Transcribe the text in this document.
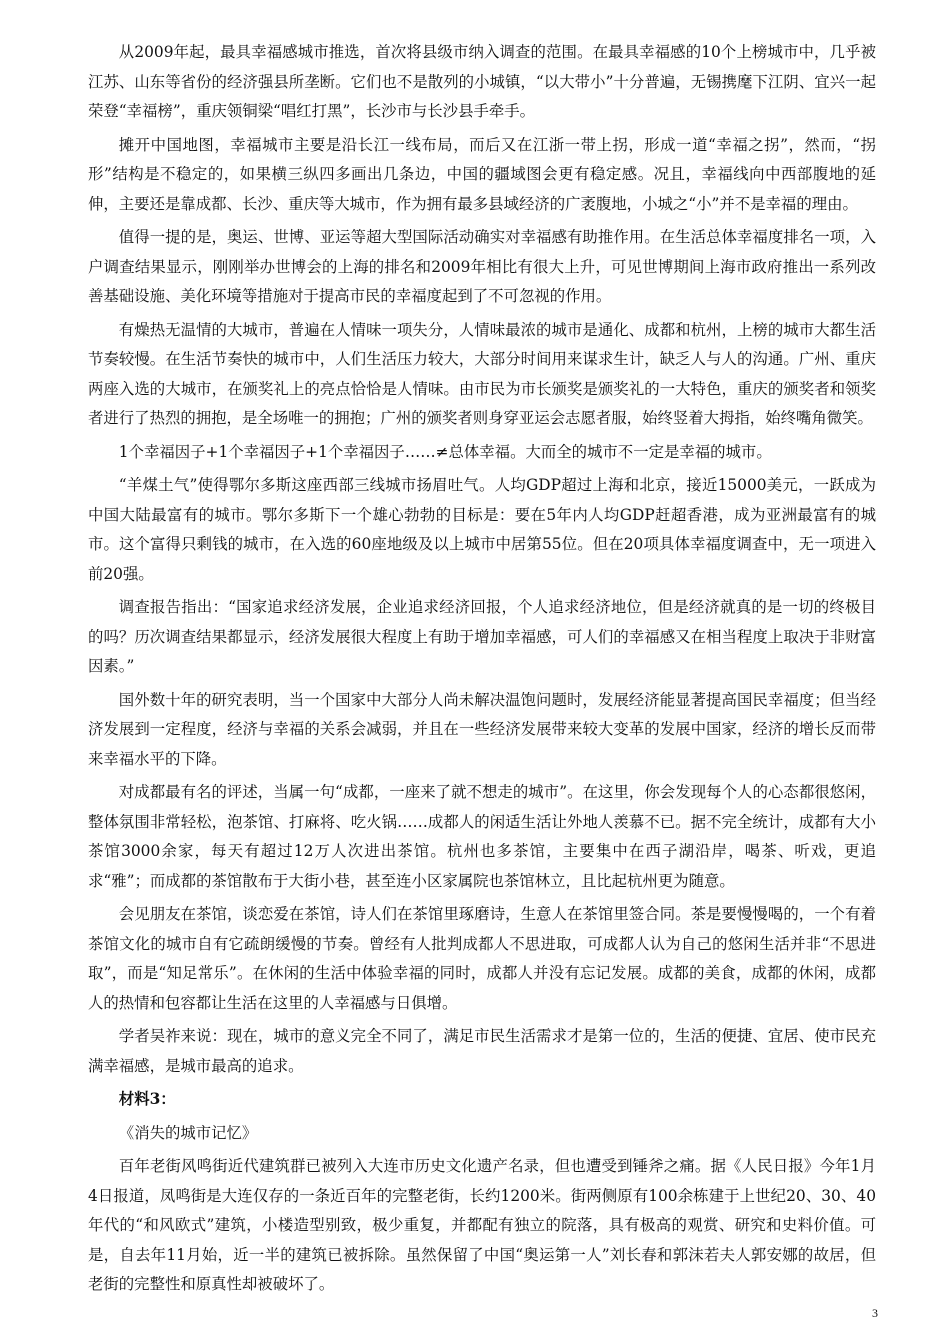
从2009年起，最具幸福感城市推选，首次将县级市纳入调查的范围。在最具幸福感的10个上榜城市中，几乎被江苏、山东等省份的经济强县所垄断。它们也不是散列的小城镇，“以大带小”十分普遍，无锡携麾下江阴、宜兴一起荣登“幸福榜”，重庆领铜梁“唱红打黑”，长沙市与长沙县手牵手。

摊开中国地图，幸福城市主要是沿长江一线布局，而后又在江浙一带上拐，形成一道“幸福之拐”，然而，“拐形”结构是不稳定的，如果横三纵四多画出几条边，中国的疆域图会更有稳定感。况且，幸福线向中西部腹地的延伸，主要还是靠成都、长沙、重庆等大城市，作为拥有最多县域经济的广袤腹地，小城之“小”并不是幸福的理由。

值得一提的是，奥运、世博、亚运等超大型国际活动确实对幸福感有助推作用。在生活总体幸福度排名一项，入户调查结果显示，刚刚举办世博会的上海的排名和2009年相比有很大上升，可见世博期间上海市政府推出一系列改善基础设施、美化环境等措施对于提高市民的幸福度起到了不可忽视的作用。

有燥热无温情的大城市，普遍在人情味一项失分，人情味最浓的城市是通化、成都和杭州，上榜的城市大都生活节奏较慢。在生活节奏快的城市中，人们生活压力较大，大部分时间用来谋求生计，缺乏人与人的沟通。广州、重庆两座入选的大城市，在颁奖礼上的亮点恰恰是人情味。由市民为市长颁奖是颁奖礼的一大特色，重庆的颁奖者和领奖者进行了热烈的拥抱，是全场唯一的拥抱；广州的颁奖者则身穿亚运会志愿者服，始终竖着大拇指，始终嘴角微笑。

1个幸福因子+1个幸福因子+1个幸福因子……≠总体幸福。大而全的城市不一定是幸福的城市。

“羊煤土气”使得鄂尔多斯这座西部三线城市扬眉吐气。人均GDP超过上海和北京，接近15000美元，一跃成为中国大陆最富有的城市。鄂尔多斯下一个雄心勃勃的目标是：要在5年内人均GDP赶超香港，成为亚洲最富有的城市。这个富得只剩钱的城市，在入选的60座地级及以上城市中居第55位。但在20项具体幸福度调查中，无一项进入前20强。

调查报告指出：“国家追求经济发展，企业追求经济回报，个人追求经济地位，但是经济就真的是一切的终极目的吗？历次调查结果都显示，经济发展很大程度上有助于增加幸福感，可人们的幸福感又在相当程度上取决于非财富因素。”

国外数十年的研究表明，当一个国家中大部分人尚未解决温饱问题时，发展经济能显著提高国民幸福度；但当经济发展到一定程度，经济与幸福的关系会减弱，并且在一些经济发展带来较大变革的发展中国家，经济的增长反而带来幸福水平的下降。

对成都最有名的评述，当属一句“成都，一座来了就不想走的城市”。在这里，你会发现每个人的心态都很悠闲，整体氛围非常轻松，泡茶馆、打麻将、吃火锅……成都人的闲适生活让外地人羡慕不已。据不完全统计，成都有大小茶馆3000余家，每天有超过12万人次进出茶馆。杭州也多茶馆，主要集中在西子湖沿岸，喝茶、听戏，更追求“雅”；而成都的茶馆散布于大街小巷，甚至连小区家属院也茶馆林立，且比起杭州更为随意。

会见朋友在茶馆，谈恋爱在茶馆，诗人们在茶馆里琢磨诗，生意人在茶馆里签合同。茶是要慢慢喝的，一个有着茶馆文化的城市自有它疏朗缓慢的节奏。曾经有人批判成都人不思进取，可成都人认为自己的悠闲生活并非“不思进取”，而是“知足常乐”。在休闲的生活中体验幸福的同时，成都人并没有忘记发展。成都的美食，成都的休闲，成都人的热情和包容都让生活在这里的人幸福感与日俱增。

学者吴祚来说：现在，城市的意义完全不同了，满足市民生活需求才是第一位的，生活的便捷、宜居、使市民充满幸福感，是城市最高的追求。

材料3：

《消失的城市记忆》

百年老街风鸣街近代建筑群已被列入大连市历史文化遗产名录，但也遭受到锤斧之痛。据《人民日报》今年1月4日报道，凤鸣街是大连仅存的一条近百年的完整老街，长约1200米。街两侧原有100余栋建于上世纪20、30、40年代的“和风欧式”建筑，小楼造型别致，极少重复，并都配有独立的院落，具有极高的观赏、研究和史料价值。可是，自去年11月始，近一半的建筑已被拆除。虽然保留了中国“奥运第一人”刘长春和郭沫若夫人郭安娜的故居，但老街的完整性和原真性却被破坏了。

3
